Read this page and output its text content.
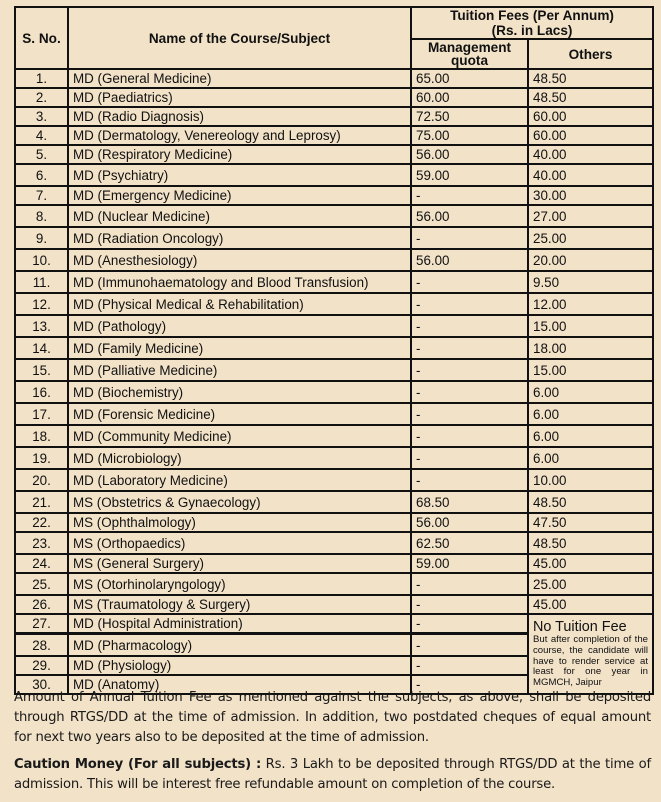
S. No.	Name of the Course/Subject	Tuition Fees (Per Annum)
(Rs. in Lacs)	
		Management quota	Others
1.	MD (General Medicine)	65.00	48.50
2.	MD (Paediatrics)	60.00	48.50
3.	MD (Radio Diagnosis)	72.50	60.00
4.	MD (Dermatology, Venereology and Leprosy)	75.00	60.00
5.	MD (Respiratory Medicine)	56.00	40.00
6.	MD (Psychiatry)	59.00	40.00
7.	MD (Emergency Medicine)	-	30.00
8.	MD (Nuclear Medicine)	56.00	27.00
9.	MD (Radiation Oncology)	-	25.00
10.	MD (Anesthesiology)	56.00	20.00
11.	MD (Immunohaematology and Blood Transfusion)	-	9.50
12.	MD (Physical Medical & Rehabilitation)	-	12.00
13.	MD (Pathology)	-	15.00
14.	MD (Family Medicine)	-	18.00
15.	MD (Palliative Medicine)	-	15.00
16.	MD (Biochemistry)	-	6.00
17.	MD (Forensic Medicine)	-	6.00
18.	MD (Community Medicine)	-	6.00
19.	MD (Microbiology)	-	6.00
20.	MD (Laboratory Medicine)	-	10.00
21.	MS (Obstetrics & Gynaecology)	68.50	48.50
22.	MS (Ophthalmology)	56.00	47.50
23.	MS (Orthopaedics)	62.50	48.50
24.	MS (General Surgery)	59.00	45.00
25.	MS (Otorhinolaryngology)	-	25.00
26.	MS (Traumatology & Surgery)	-	45.00
27.	MD (Hospital Administration)	-	No Tuition Fee
But after completion of the course, the candidate will have to render service at least for one year in MGMCH, Jaipur

28.	MD (Pharmacology)	-	
29.	MD (Physiology)	-	
30.	MD (Anatomy)	-	

Amount of Annual Tuition Fee as mentioned against the subjects, as above, shall be deposited through RTGS/DD at the time of admission. In addition, two postdated cheques of equal amount for next two years also to be deposited at the time of admission.

Caution Money (For all subjects) : Rs. 3 Lakh to be deposited through RTGS/DD at the time of admission. This will be interest free refundable amount on completion of the course.
